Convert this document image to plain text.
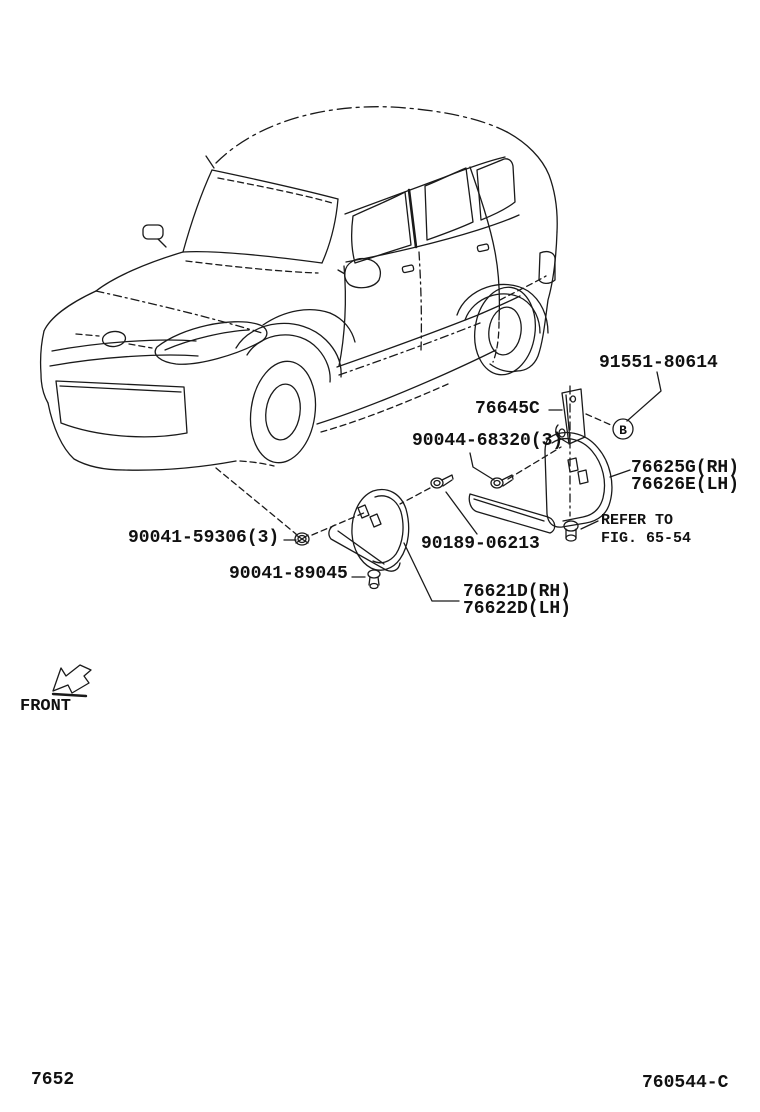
B
91551-80614
76645C
90044-68320(3)
76625G(RH)
76626E(LH)
REFER TO
FIG. 65-54
90189-06213
90041-59306(3)
90041-89045
76621D(RH)
76622D(LH)
FRONT
7652	760544-C
